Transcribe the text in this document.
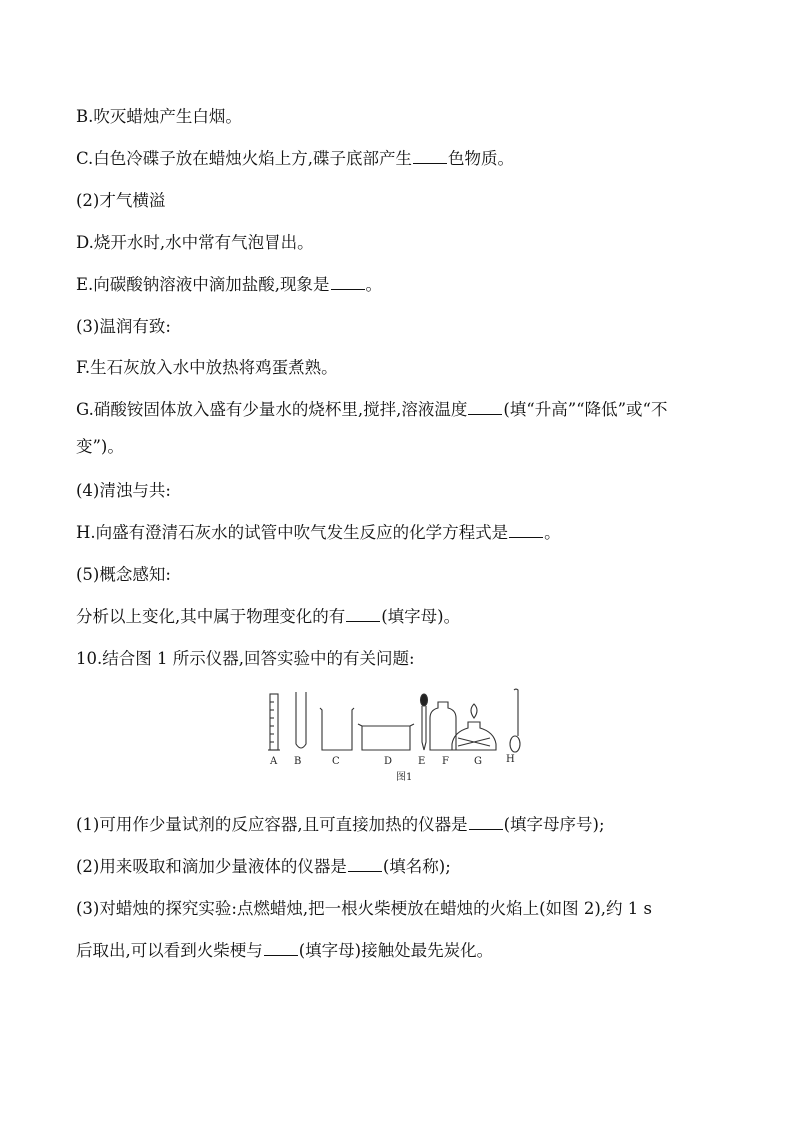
B.吹灭蜡烛产生白烟。
C.白色冷碟子放在蜡烛火焰上方,碟子底部产生 色物质。
(2)才气横溢
D.烧开水时,水中常有气泡冒出。
E.向碳酸钠溶液中滴加盐酸,现象是 。
(3)温润有致:
F.生石灰放入水中放热将鸡蛋煮熟。
G.硝酸铵固体放入盛有少量水的烧杯里,搅拌,溶液温度 (填“升高”“降低”或“不
变”)。
(4)清浊与共:
H.向盛有澄清石灰水的试管中吹气发生反应的化学方程式是 。
(5)概念感知:
分析以上变化,其中属于物理变化的有 (填字母)。
10.结合图 1 所示仪器,回答实验中的有关问题:
A B	C	D	E F	G H
图1
(1)可用作少量试剂的反应容器,且可直接加热的仪器是 (填字母序号);
(2)用来吸取和滴加少量液体的仪器是 (填名称);
(3)对蜡烛的探究实验:点燃蜡烛,把一根火柴梗放在蜡烛的火焰上(如图 2),约 1 s
后取出,可以看到火柴梗与 (填字母)接触处最先炭化。
